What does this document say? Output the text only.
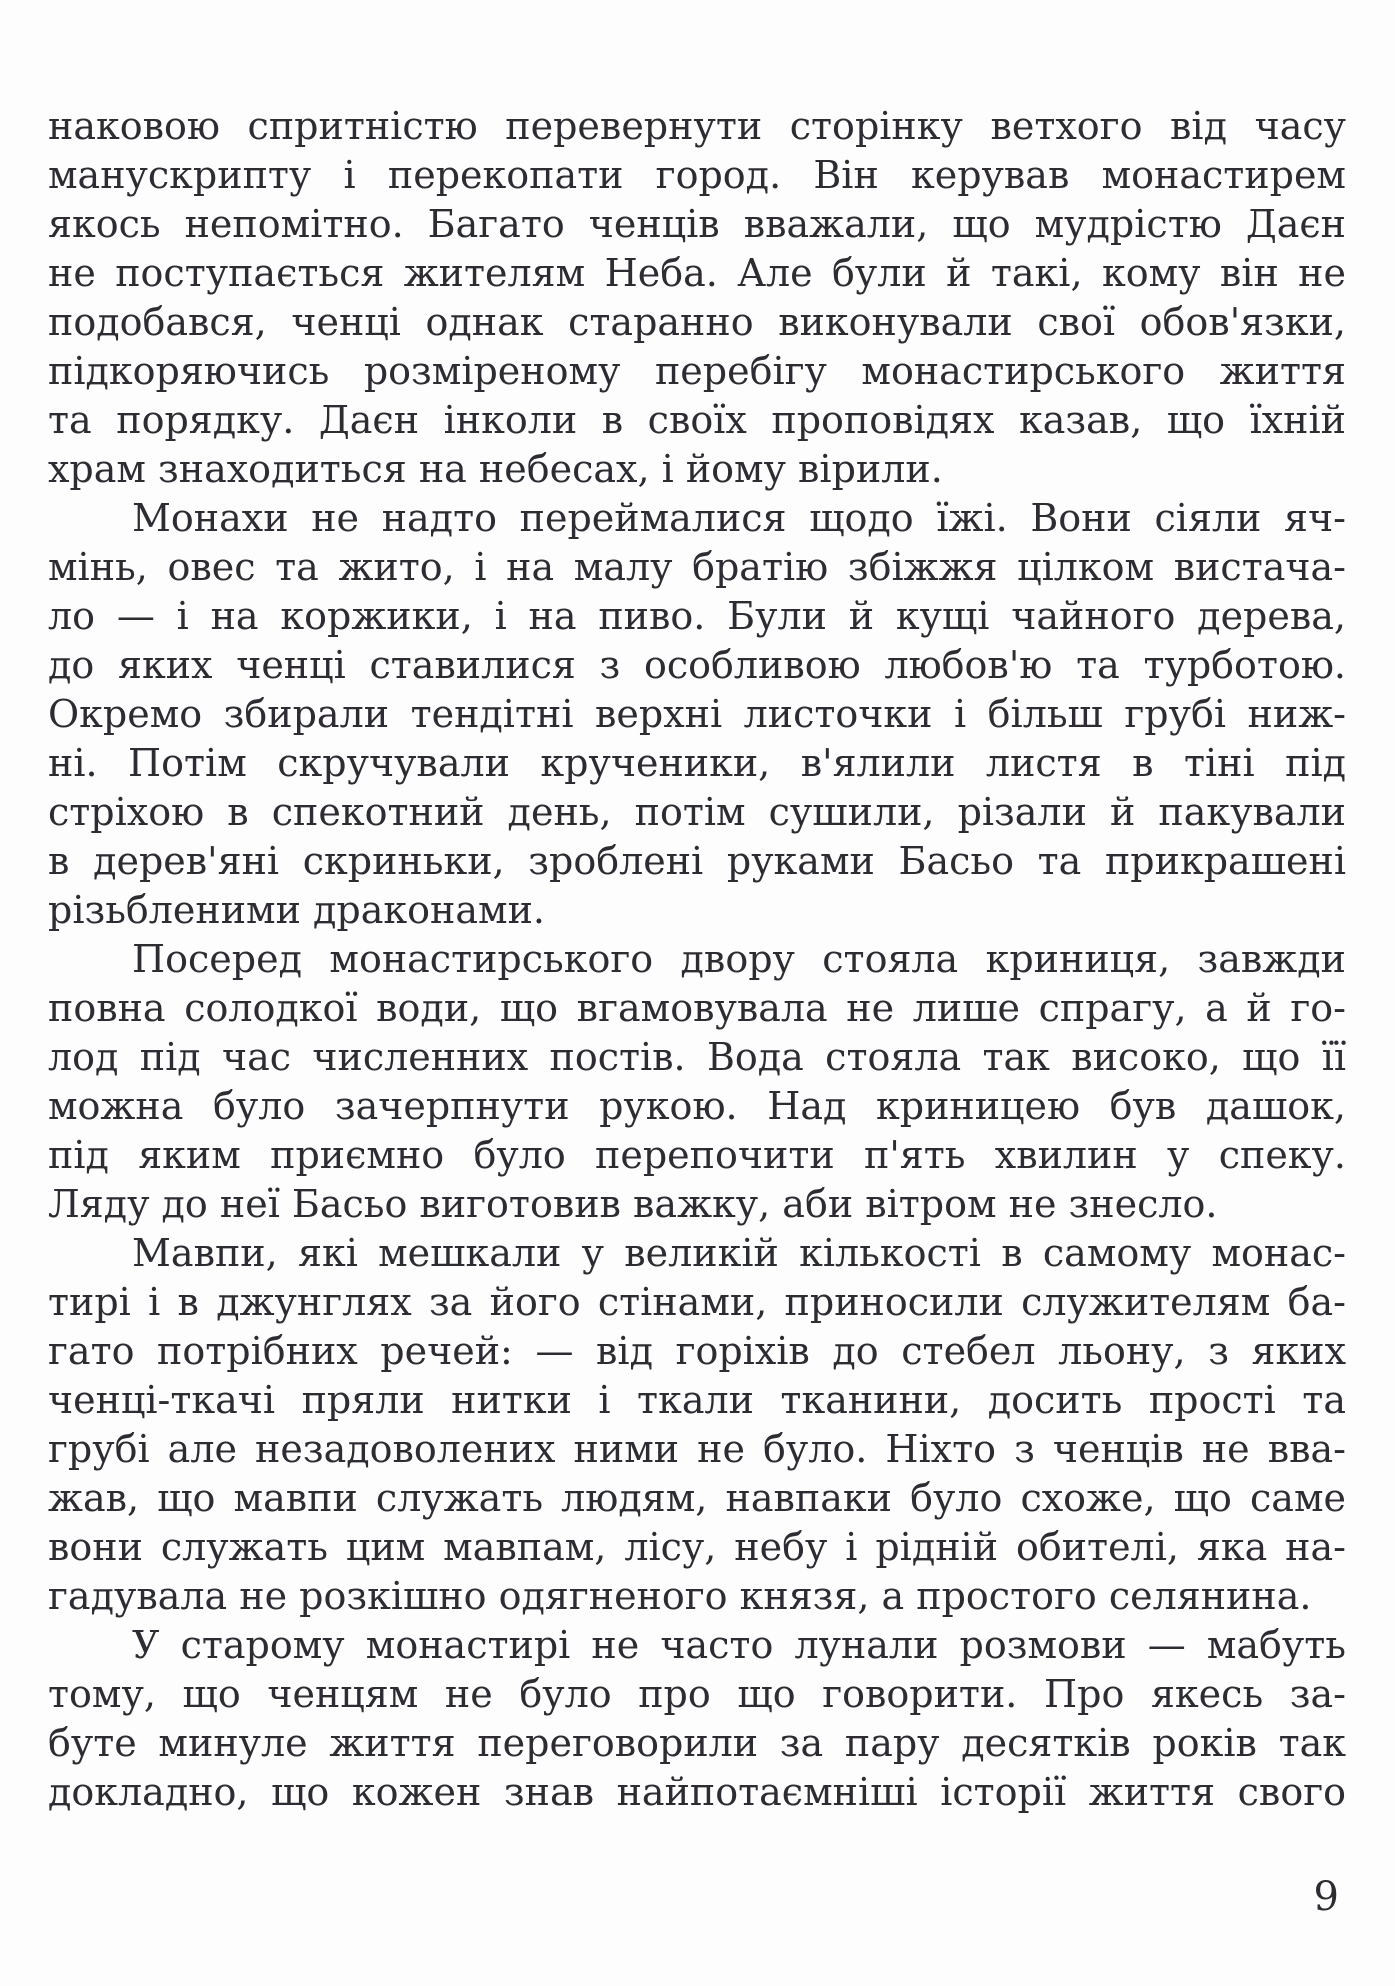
наковою спритністю перевернути сторінку ветхого від часу
манускрипту і перекопати город. Він керував монастирем
якось непомітно. Багато ченців вважали, що мудрістю Даєн
не поступається жителям Неба. Але були й такі, кому він не
подобався, ченці однак старанно виконували свої обов'язки,
підкоряючись розміреному перебігу монастирського життя
та порядку. Даєн інколи в своїх проповідях казав, що їхній
храм знаходиться на небесах, і йому вірили.
Монахи не надто переймалися щодо їжі. Вони сіяли яч-
мінь, овес та жито, і на малу братію збіжжя цілком вистача-
ло — і на коржики, і на пиво. Були й кущі чайного дерева,
до яких ченці ставилися з особливою любов'ю та турботою.
Окремо збирали тендітні верхні листочки і більш грубі ниж-
ні. Потім скручували крученики, в'ялили листя в тіні під
стріхою в спекотний день, потім сушили, різали й пакували
в дерев'яні скриньки, зроблені руками Басьо та прикрашені
різьбленими драконами.
Посеред монастирського двору стояла криниця, завжди
повна солодкої води, що вгамовувала не лише спрагу, а й го-
лод під час численних постів. Вода стояла так високо, що її
можна було зачерпнути рукою. Над криницею був дашок,
під яким приємно було перепочити п'ять хвилин у спеку.
Ляду до неї Басьо виготовив важку, аби вітром не знесло.
Мавпи, які мешкали у великій кількості в самому монас-
тирі і в джунглях за його стінами, приносили служителям ба-
гато потрібних речей: — від горіхів до стебел льону, з яких
ченці-ткачі пряли нитки і ткали тканини, досить прості та
грубі але незадоволених ними не було. Ніхто з ченців не вва-
жав, що мавпи служать людям, навпаки було схоже, що саме
вони служать цим мавпам, лісу, небу і рідній обителі, яка на-
гадувала не розкішно одягненого князя, а простого селянина.
У старому монастирі не часто лунали розмови — мабуть
тому, що ченцям не було про що говорити. Про якесь за-
буте минуле життя переговорили за пару десятків років так
докладно, що кожен знав найпотаємніші історії життя свого
9
